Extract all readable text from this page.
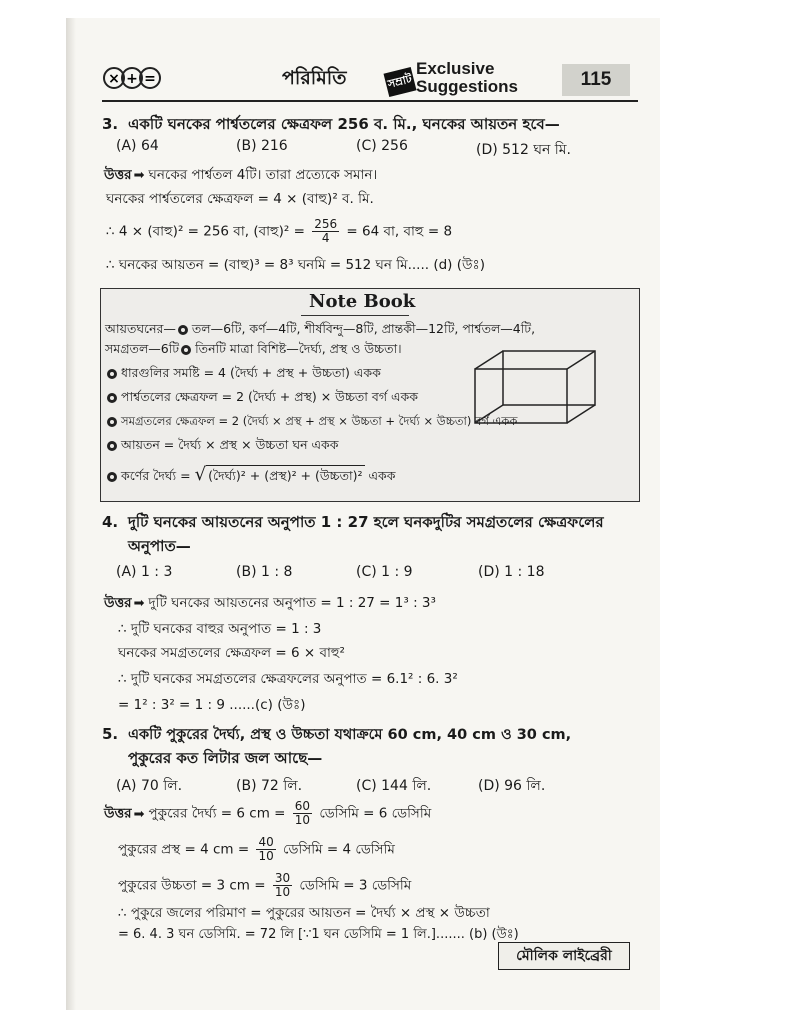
× + =	পরিমিতি	সম্রাট
Exclusive
Suggestions	115
3. একটি ঘনকের পার্শ্বতলের ক্ষেত্রফল 256 ব. মি., ঘনকের আয়তন হবে—
(A) 64	(B) 216	(C) 256	(D) 512 ঘন মি.
উত্তর ➡ ঘনকের পার্শ্বতল 4টি। তারা প্রত্যেকে সমান।
ঘনকের পার্শ্বতলের ক্ষেত্রফল = 4 × (বাহু)² ব. মি.
∴ 4 × (বাহু)² = 256 বা, (বাহু)² = $\frac{256}{4} = 64$ বা, বাহু = 8
∴ ঘনকের আয়তন = (বাহু)³ = 8³ ঘনমি = 512 ঘন মি..... (d) (উঃ)
Note Book
আয়তঘনের— তল—6টি, কর্ণ—4টি, শীর্ষবিন্দু—8টি, প্রান্তকী—12টি, পার্শ্বতল—4টি,
সমগ্রতল—6টি তিনটি মাত্রা বিশিষ্ট—দৈর্ঘ্য, প্রস্থ ও উচ্চতা।
ধারগুলির সমষ্টি = 4 (দৈর্ঘ্য + প্রস্থ + উচ্চতা) একক
পার্শ্বতলের ক্ষেত্রফল = 2 (দৈর্ঘ্য + প্রস্থ) × উচ্চতা বর্গ একক
সমগ্রতলের ক্ষেত্রফল = 2 (দৈর্ঘ্য × প্রস্থ + প্রস্থ × উচ্চতা + দৈর্ঘ্য × উচ্চতা) বর্গ একক
আয়তন = দৈর্ঘ্য × প্রস্থ × উচ্চতা ঘন একক
কর্ণের দৈর্ঘ্য = √ (দৈর্ঘ্য)² + (প্রস্থ)² + (উচ্চতা)² একক
4. দুটি ঘনকের আয়তনের অনুপাত 1 : 27 হলে ঘনকদুটির সমগ্রতলের ক্ষেত্রফলের
অনুপাত—
(A) 1 : 3	(B) 1 : 8	(C) 1 : 9	(D) 1 : 18
উত্তর ➡ দুটি ঘনকের আয়তনের অনুপাত = 1 : 27 = 1³ : 3³
∴ দুটি ঘনকের বাহুর অনুপাত = 1 : 3
ঘনকের সমগ্রতলের ক্ষেত্রফল = 6 × বাহু²
∴ দুটি ঘনকের সমগ্রতলের ক্ষেত্রফলের অনুপাত = 6.1² : 6. 3²
= 1² : 3² = 1 : 9 ......(c) (উঃ)
5. একটি পুকুরের দৈর্ঘ্য, প্রস্থ ও উচ্চতা যথাক্রমে 60 cm, 40 cm ও 30 cm,
পুকুরের কত লিটার জল আছে—
(A) 70 লি.	(B) 72 লি.	(C) 144 লি.	(D) 96 লি.
উত্তর ➡ পুকুরের দৈর্ঘ্য = 6 cm = $\frac{60}{10}$ ডেসিমি = 6 ডেসিমি
পুকুরের প্রস্থ = 4 cm = $\frac{40}{10}$ ডেসিমি = 4 ডেসিমি
পুকুরের উচ্চতা = 3 cm = $\frac{30}{10}$ ডেসিমি = 3 ডেসিমি
∴ পুকুরে জলের পরিমাণ = পুকুরের আয়তন = দৈর্ঘ্য × প্রস্থ × উচ্চতা
= 6. 4. 3 ঘন ডেসিমি. = 72 লি [∵1 ঘন ডেসিমি = 1 লি.]....... (b) (উঃ)
মৌলিক লাইব্রেরী
